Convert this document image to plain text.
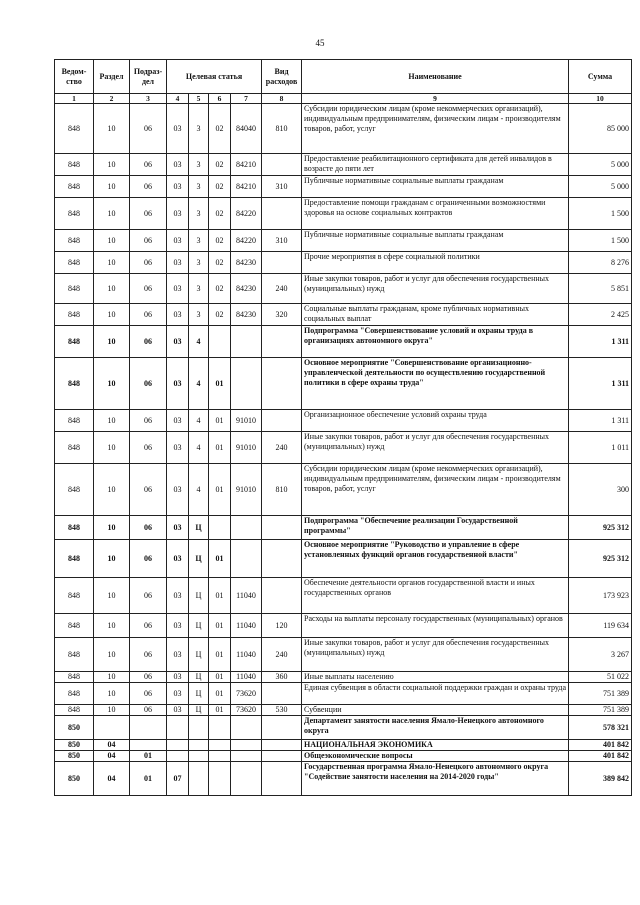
45
Ведом-ство	Раздел	Подраз-дел	Целевая статья				Вид расходов	Наименование	Сумма
1	2	3	4	5	6	7	8	9	10
848	10	06	03	3	02	84040	810	Субсидии юридическим лицам (кроме некоммерческих организаций), индивидуальным предпринимателям, физическим лицам - производителям товаров, работ, услуг	85 000
848	10	06	03	3	02	84210		Предоставление реабилитационного сертификата для детей инвалидов в возрасте до пяти лет	5 000
848	10	06	03	3	02	84210	310	Публичные нормативные социальные выплаты гражданам	5 000
848	10	06	03	3	02	84220		Предоставление помощи гражданам с ограниченными возможностями здоровья на основе социальных контрактов	1 500
848	10	06	03	3	02	84220	310	Публичные нормативные социальные выплаты гражданам	1 500
848	10	06	03	3	02	84230		Прочие мероприятия в сфере социальной политики	8 276
848	10	06	03	3	02	84230	240	Иные закупки товаров, работ и услуг для обеспечения государственных (муниципальных) нужд	5 851
848	10	06	03	3	02	84230	320	Социальные выплаты гражданам, кроме публичных нормативных социальных выплат	2 425
848	10	06	03	4				Подпрограмма "Совершенствование условий и охраны труда в организациях автономного округа"	1 311
848	10	06	03	4	01			Основное мероприятие "Совершенствование организационно-управленческой деятельности по осуществлению государственной политики в сфере охраны труда"	1 311
848	10	06	03	4	01	91010		Организационное обеспечение условий охраны труда	1 311
848	10	06	03	4	01	91010	240	Иные закупки товаров, работ и услуг для обеспечения государственных (муниципальных) нужд	1 011
848	10	06	03	4	01	91010	810	Субсидии юридическим лицам (кроме некоммерческих организаций), индивидуальным предпринимателям, физическим лицам - производителям товаров, работ, услуг	300
848	10	06	03	Ц				Подпрограмма "Обеспечение реализации Государственной программы"	925 312
848	10	06	03	Ц	01			Основное мероприятие "Руководство и управление в сфере установленных функций органов государственной власти"	925 312
848	10	06	03	Ц	01	11040		Обеспечение деятельности органов государственной власти и иных государственных органов	173 923
848	10	06	03	Ц	01	11040	120	Расходы на выплаты персоналу государственных (муниципальных) органов	119 634
848	10	06	03	Ц	01	11040	240	Иные закупки товаров, работ и услуг для обеспечения государственных (муниципальных) нужд	3 267
848	10	06	03	Ц	01	11040	360	Иные выплаты населению	51 022
848	10	06	03	Ц	01	73620		Единая субвенция в области социальной поддержки граждан и охраны труда	751 389
848	10	06	03	Ц	01	73620	530	Субвенции	751 389
850								Департамент занятости населения Ямало-Ненецкого автономного округа	578 321
850	04							НАЦИОНАЛЬНАЯ ЭКОНОМИКА	401 842
850	04	01						Общеэкономические вопросы	401 842
850	04	01	07					Государственная программа Ямало-Ненецкого автономного округа "Содействие занятости населения на 2014-2020 годы"	389 842
